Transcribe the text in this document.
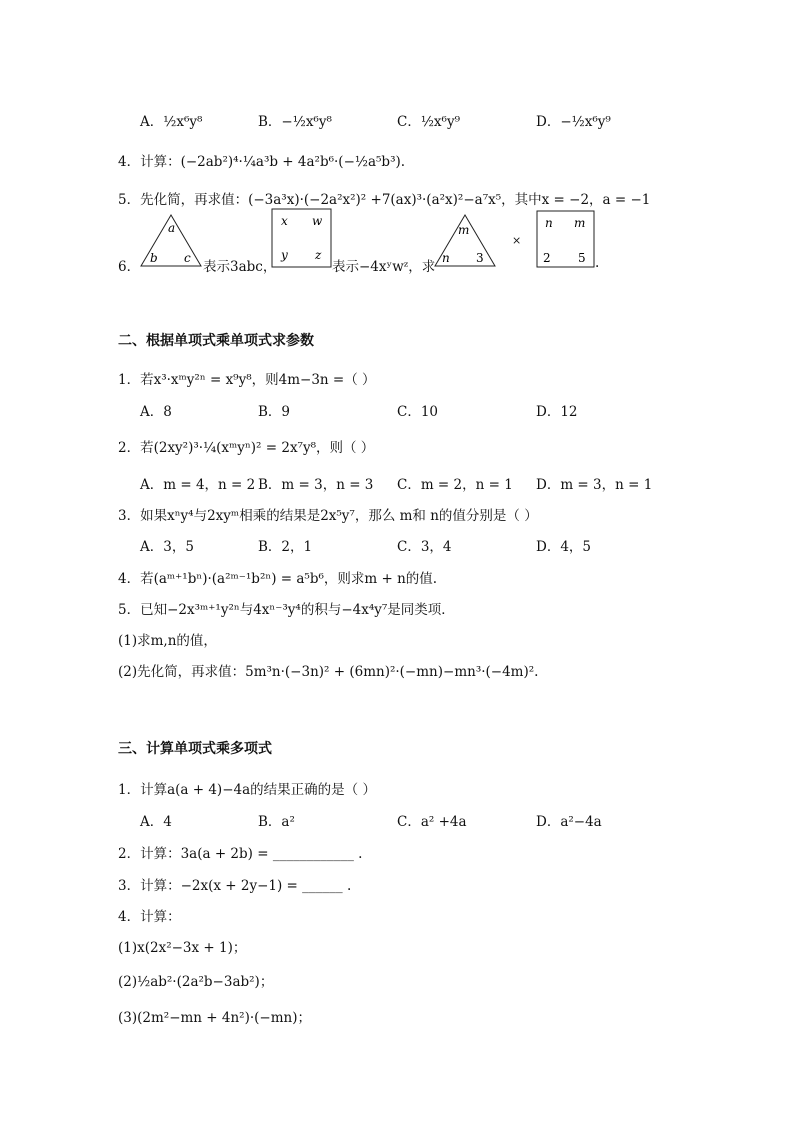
A．½x⁶y⁸	B．−½x⁶y⁸	C．½x⁶y⁹	D．−½x⁶y⁹
4．计算：(−2ab²)⁴·¼a³b + 4a²b⁶·(−½a⁵b³).
5．先化简，再求值：(−3a³x)·(−2a²x²)² +7(ax)³·(a²x)²−a⁷x⁵，其中x = −2，a = −1
6．
a
b c
表示3abc，
x w
y z
表示−4xʸwᶻ，求
m
n 3
×
n m
2 5 .
二、根据单项式乘单项式求参数
1．若x³·xᵐy²ⁿ = x⁹y⁸，则4m−3n =（ ）
A．8	B．9	C．10	D．12
2．若(2xy²)³·¼(xᵐyⁿ)² = 2x⁷y⁸，则（ ）
A．m = 4，n = 2 B．m = 3，n = 3 C．m = 2，n = 1 D．m = 3，n = 1
3．如果xⁿy⁴与2xyᵐ相乘的结果是2x⁵y⁷，那么 m和 n的值分别是（ ）
A．3，5	B．2，1	C．3，4	D．4，5
4．若(aᵐ⁺¹bⁿ)·(a²ᵐ⁻¹b²ⁿ) = a⁵b⁶，则求m + n的值.
5．已知−2x³ᵐ⁺¹y²ⁿ与4xⁿ⁻³y⁴的积与−4x⁴y⁷是同类项．
(1)求m,n的值，
(2)先化简，再求值：5m³n·(−3n)² + (6mn)²·(−mn)−mn³·(−4m)².
三、计算单项式乘多项式
1．计算a(a + 4)−4a的结果正确的是（ ）
A．4	B．a²	C．a² +4a	D．a²−4a
2．计算：3a(a + 2b) = ____________ .
3．计算：−2x(x + 2y−1) = ______ .
4．计算：
(1)x(2x²−3x + 1)；
(2)½ab²·(2a²b−3ab²)；
(3)(2m²−mn + 4n²)·(−mn)；
